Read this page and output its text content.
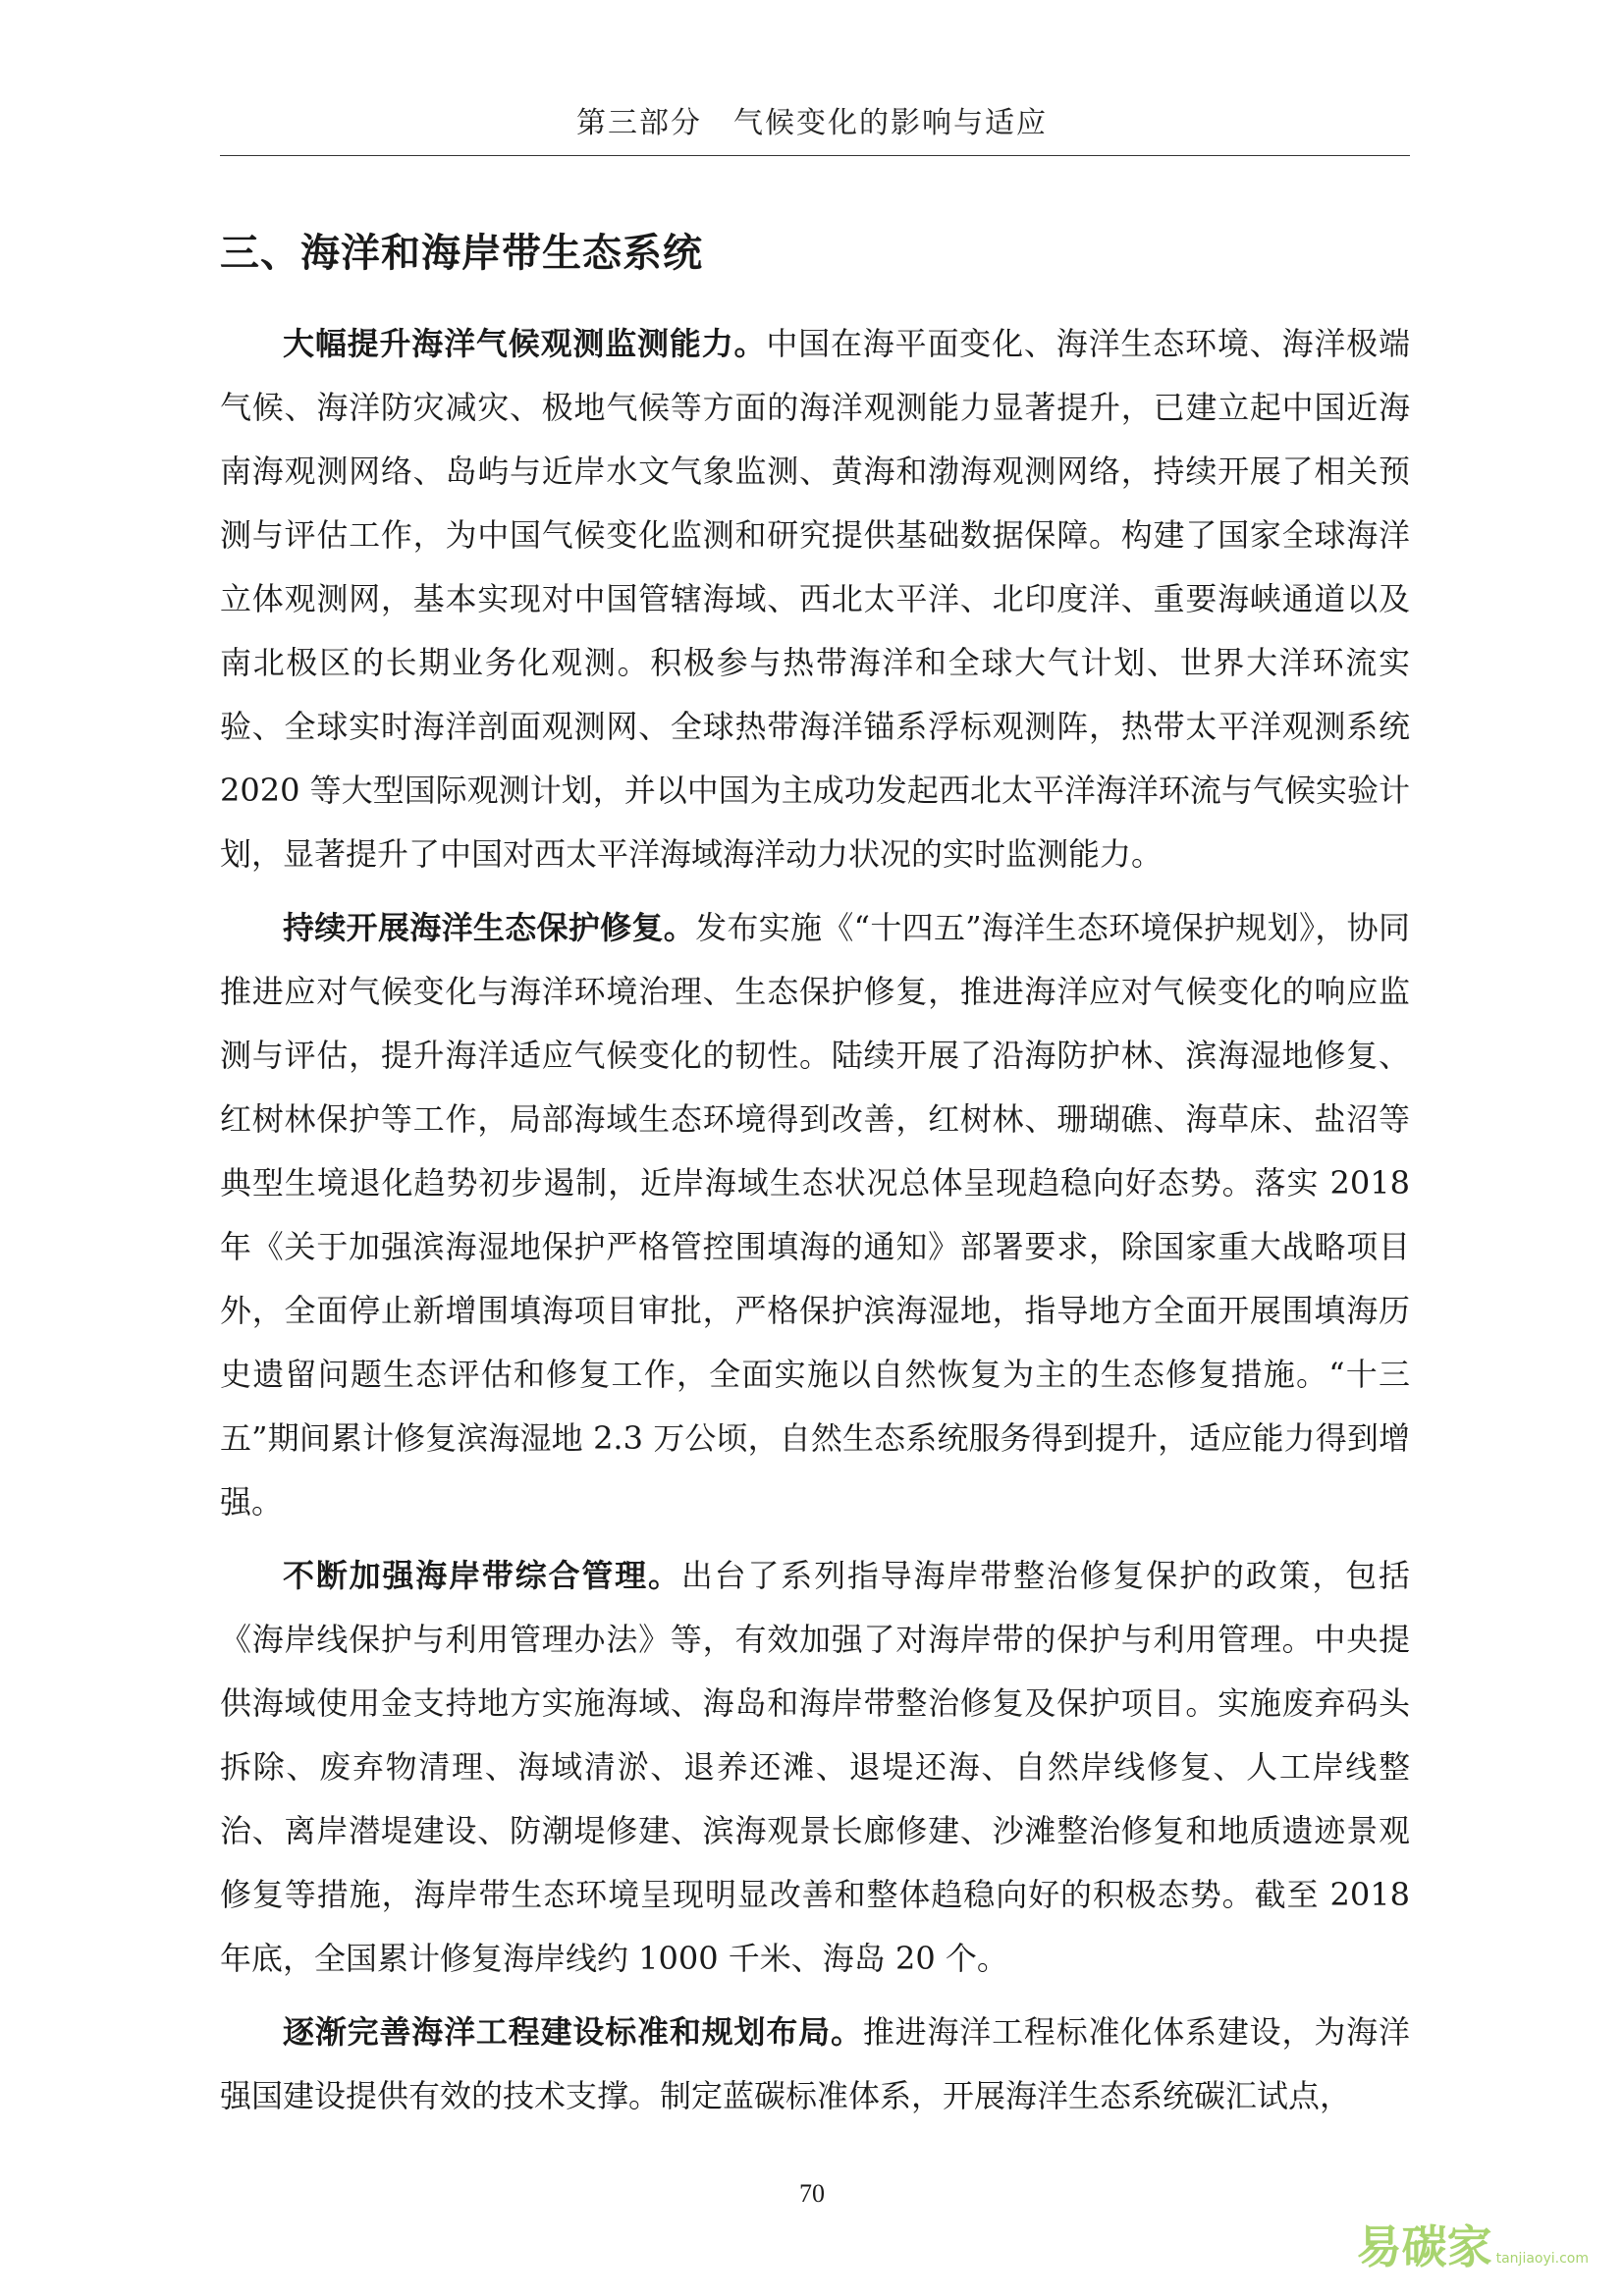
第三部分　气候变化的影响与适应
三、海洋和海岸带生态系统

大幅提升海洋气候观测监测能力。中国在海平面变化、海洋生态环境、海洋极端气候、海洋防灾减灾、极地气候等方面的海洋观测能力显著提升，已建立起中国近海南海观测网络、岛屿与近岸水文气象监测、黄海和渤海观测网络，持续开展了相关预测与评估工作，为中国气候变化监测和研究提供基础数据保障。构建了国家全球海洋立体观测网，基本实现对中国管辖海域、西北太平洋、北印度洋、重要海峡通道以及南北极区的长期业务化观测。积极参与热带海洋和全球大气计划、世界大洋环流实验、全球实时海洋剖面观测网、全球热带海洋锚系浮标观测阵，热带太平洋观测系统 2020 等大型国际观测计划，并以中国为主成功发起西北太平洋海洋环流与气候实验计划，显著提升了中国对西太平洋海域海洋动力状况的实时监测能力。

持续开展海洋生态保护修复。发布实施《“十四五”海洋生态环境保护规划》，协同推进应对气候变化与海洋环境治理、生态保护修复，推进海洋应对气候变化的响应监测与评估，提升海洋适应气候变化的韧性。陆续开展了沿海防护林、滨海湿地修复、红树林保护等工作，局部海域生态环境得到改善，红树林、珊瑚礁、海草床、盐沼等典型生境退化趋势初步遏制，近岸海域生态状况总体呈现趋稳向好态势。落实 2018 年《关于加强滨海湿地保护严格管控围填海的通知》部署要求，除国家重大战略项目外，全面停止新增围填海项目审批，严格保护滨海湿地，指导地方全面开展围填海历史遗留问题生态评估和修复工作，全面实施以自然恢复为主的生态修复措施。“十三五”期间累计修复滨海湿地 2.3 万公顷，自然生态系统服务得到提升，适应能力得到增强。

不断加强海岸带综合管理。出台了系列指导海岸带整治修复保护的政策，包括《海岸线保护与利用管理办法》等，有效加强了对海岸带的保护与利用管理。中央提供海域使用金支持地方实施海域、海岛和海岸带整治修复及保护项目。实施废弃码头拆除、废弃物清理、海域清淤、退养还滩、退堤还海、自然岸线修复、人工岸线整治、离岸潜堤建设、防潮堤修建、滨海观景长廊修建、沙滩整治修复和地质遗迹景观修复等措施，海岸带生态环境呈现明显改善和整体趋稳向好的积极态势。截至 2018 年底，全国累计修复海岸线约 1000 千米、海岛 20 个。

逐渐完善海洋工程建设标准和规划布局。推进海洋工程标准化体系建设，为海洋强国建设提供有效的技术支撑。制定蓝碳标准体系，开展海洋生态系统碳汇试点，

70
易碳家 tanjiaoyi.com
